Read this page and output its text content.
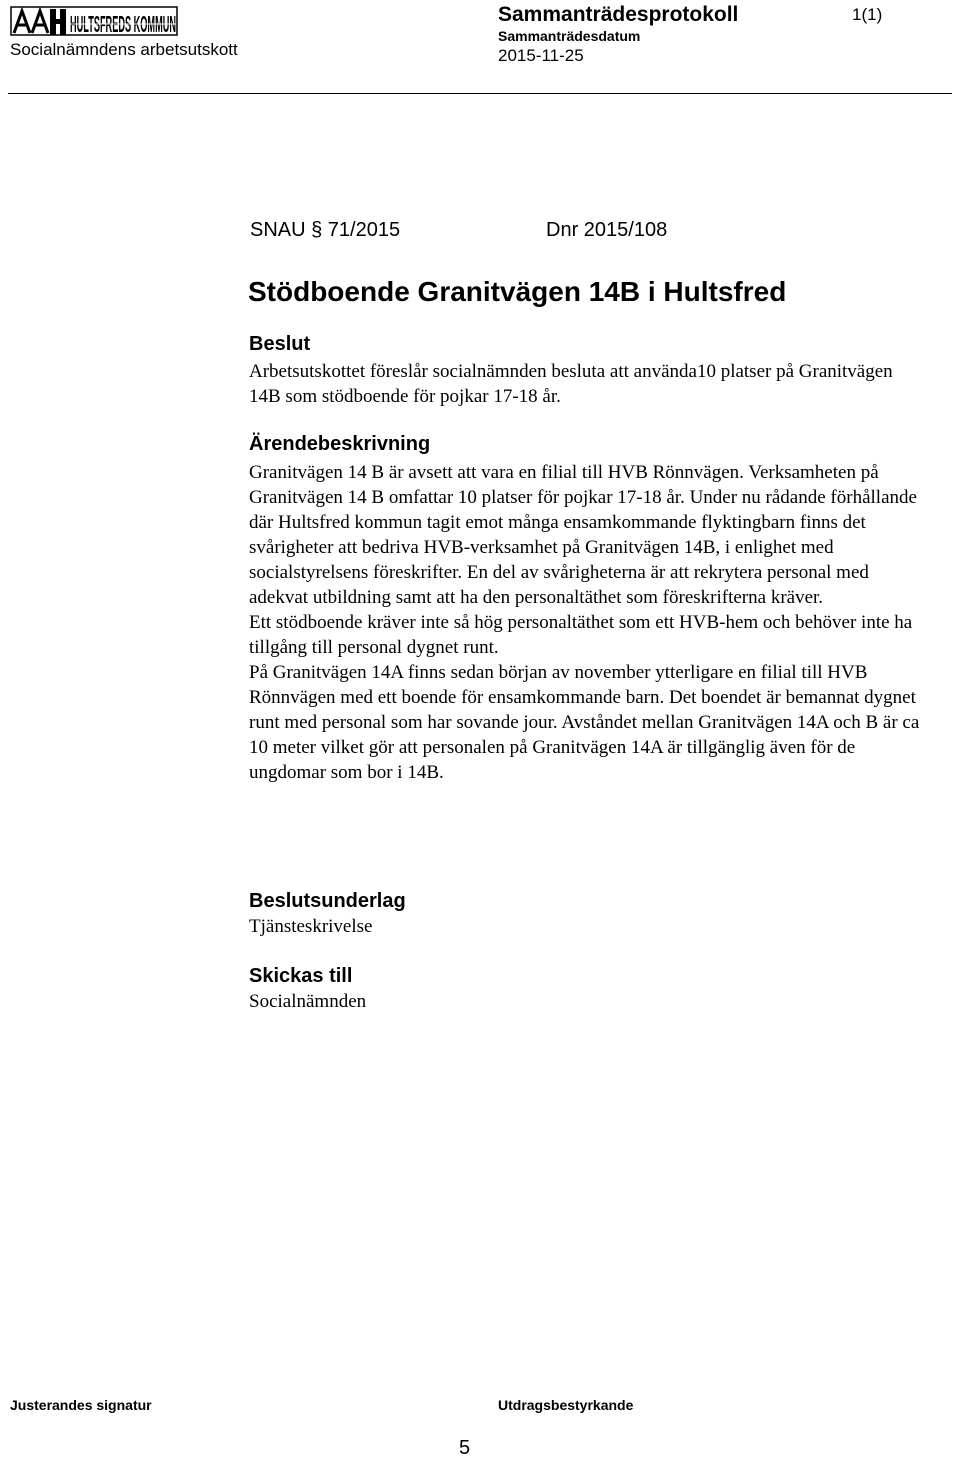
HULTSFREDS KOMMUN	Sammanträdesprotokoll	1(1)
Sammanträdesdatum
Socialnämndens arbetsutskott	2015-11-25
SNAU § 71/2015	Dnr 2015/108
Stödboende Granitvägen 14B i Hultsfred
Beslut

Arbetsutskottet föreslår socialnämnden besluta att använda10 platser på Granitvägen 14B som stödboende för pojkar 17-18 år.

Ärendebeskrivning

Granitvägen 14 B är avsett att vara en filial till HVB Rönnvägen. Verksamheten på Granitvägen 14 B omfattar 10 platser för pojkar 17-18 år. Under nu rådande förhållande där Hultsfred kommun tagit emot många ensamkommande flyktingbarn finns det svårigheter att bedriva HVB-verksamhet på Granitvägen 14B, i enlighet med socialstyrelsens föreskrifter. En del av svårigheterna är att rekrytera personal med adekvat utbildning samt att ha den personaltäthet som föreskrifterna kräver.

Ett stödboende kräver inte så hög personaltäthet som ett HVB-hem och behöver inte ha tillgång till personal dygnet runt.

På Granitvägen 14A finns sedan början av november ytterligare en filial till HVB Rönnvägen med ett boende för ensamkommande barn. Det boendet är bemannat dygnet runt med personal som har sovande jour. Avståndet mellan Granitvägen 14A och B är ca 10 meter vilket gör att personalen på Granitvägen 14A är tillgänglig även för de ungdomar som bor i 14B.

Beslutsunderlag
Tjänsteskrivelse
Skickas till
Socialnämnden
Justerandes signatur	Utdragsbestyrkande
5
